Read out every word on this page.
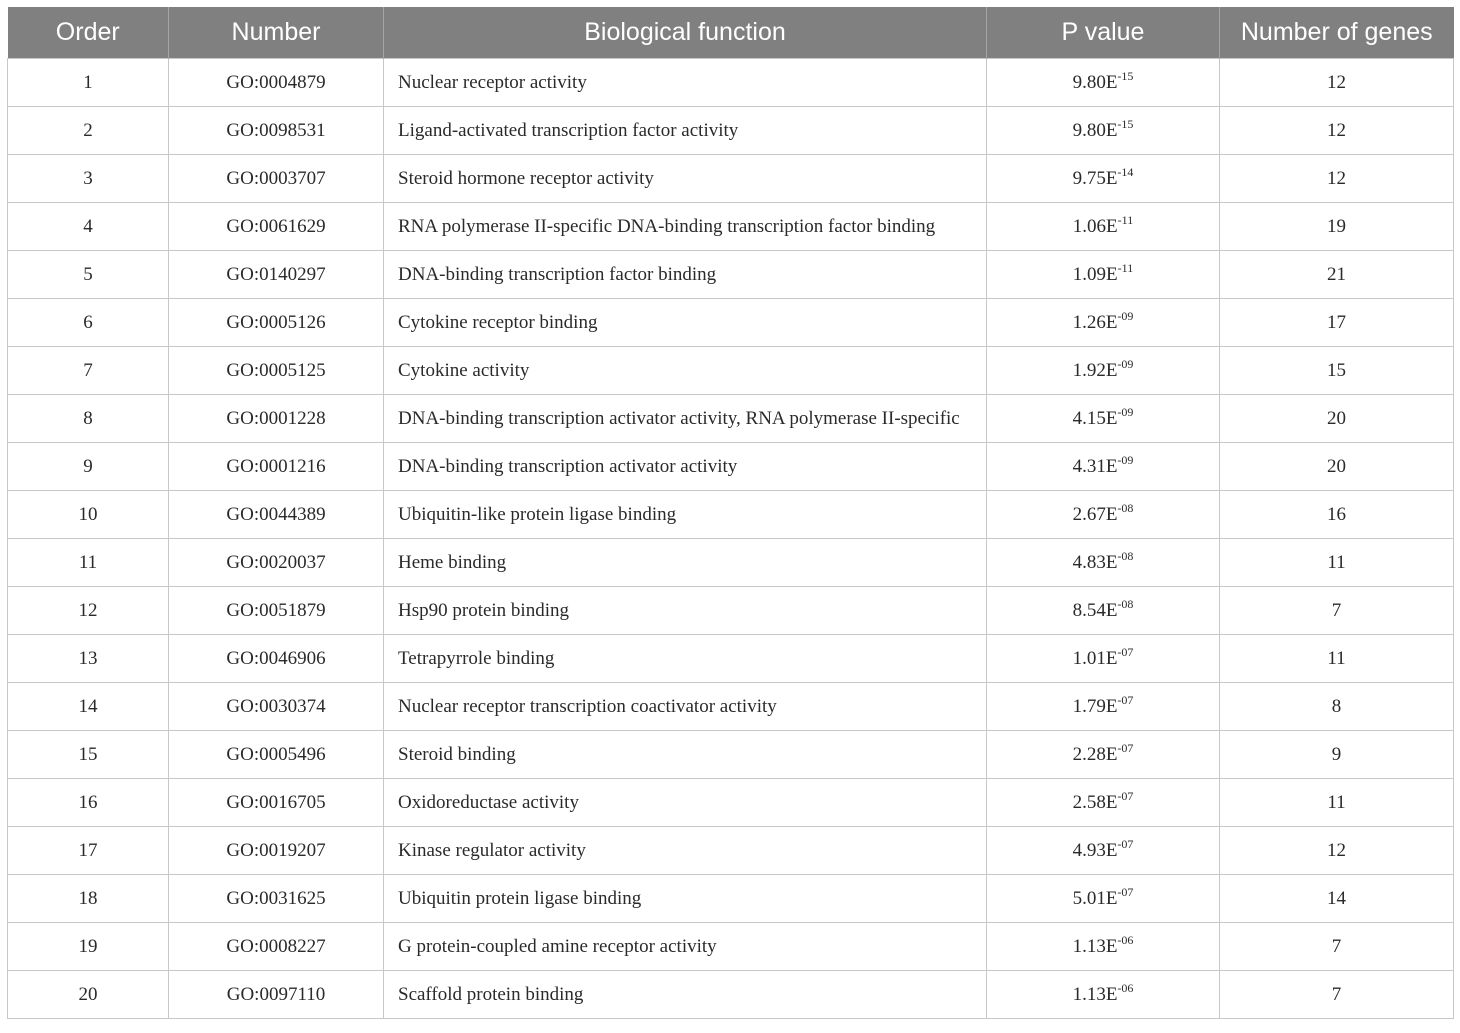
Order	Number	Biological function	P value	Number of genes
1	GO:0004879	Nuclear receptor activity	$9.80E^{-15}$	12
2	GO:0098531	Ligand-activated transcription factor activity	$9.80E^{-15}$	12
3	GO:0003707	Steroid hormone receptor activity	$9.75E^{-14}$	12
4	GO:0061629	RNA polymerase II-specific DNA-binding transcription factor binding	$1.06E^{-11}$	19
5	GO:0140297	DNA-binding transcription factor binding	$1.09E^{-11}$	21
6	GO:0005126	Cytokine receptor binding	$1.26E^{-09}$	17
7	GO:0005125	Cytokine activity	$1.92E^{-09}$	15
8	GO:0001228	DNA-binding transcription activator activity, RNA polymerase II-specific	$4.15E^{-09}$	20
9	GO:0001216	DNA-binding transcription activator activity	$4.31E^{-09}$	20
10	GO:0044389	Ubiquitin-like protein ligase binding	$2.67E^{-08}$	16
11	GO:0020037	Heme binding	$4.83E^{-08}$	11
12	GO:0051879	Hsp90 protein binding	$8.54E^{-08}$	7
13	GO:0046906	Tetrapyrrole binding	$1.01E^{-07}$	11
14	GO:0030374	Nuclear receptor transcription coactivator activity	$1.79E^{-07}$	8
15	GO:0005496	Steroid binding	$2.28E^{-07}$	9
16	GO:0016705	Oxidoreductase activity	$2.58E^{-07}$	11
17	GO:0019207	Kinase regulator activity	$4.93E^{-07}$	12
18	GO:0031625	Ubiquitin protein ligase binding	$5.01E^{-07}$	14
19	GO:0008227	G protein-coupled amine receptor activity	$1.13E^{-06}$	7
20	GO:0097110	Scaffold protein binding	$1.13E^{-06}$	7
